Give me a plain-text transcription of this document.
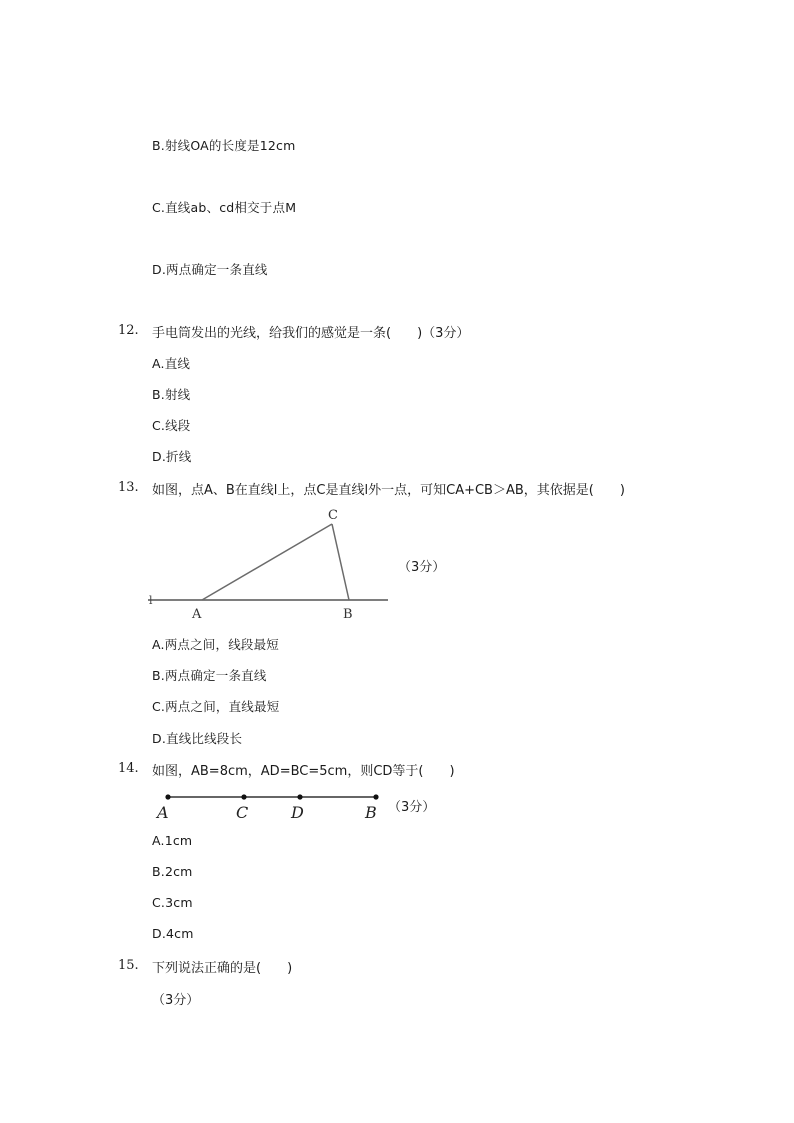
B.射线OA的长度是12cm
C.直线ab、cd相交于点M
D.两点确定一条直线
12. 手电筒发出的光线，给我们的感觉是一条(　　)（3分）
A.直线
B.射线
C.线段
D.折线
13. 如图，点A、B在直线l上，点C是直线l外一点，可知CA+CB＞AB，其依据是(　　)
l
A	B
C
（3分）
A.两点之间，线段最短
B.两点确定一条直线
C.两点之间，直线最短
D.直线比线段长
14. 如图，AB=8cm，AD=BC=5cm，则CD等于(　　)
A	C	D	B （3分）
A.1cm
B.2cm
C.3cm
D.4cm
15. 下列说法正确的是(　　)
（3分）
